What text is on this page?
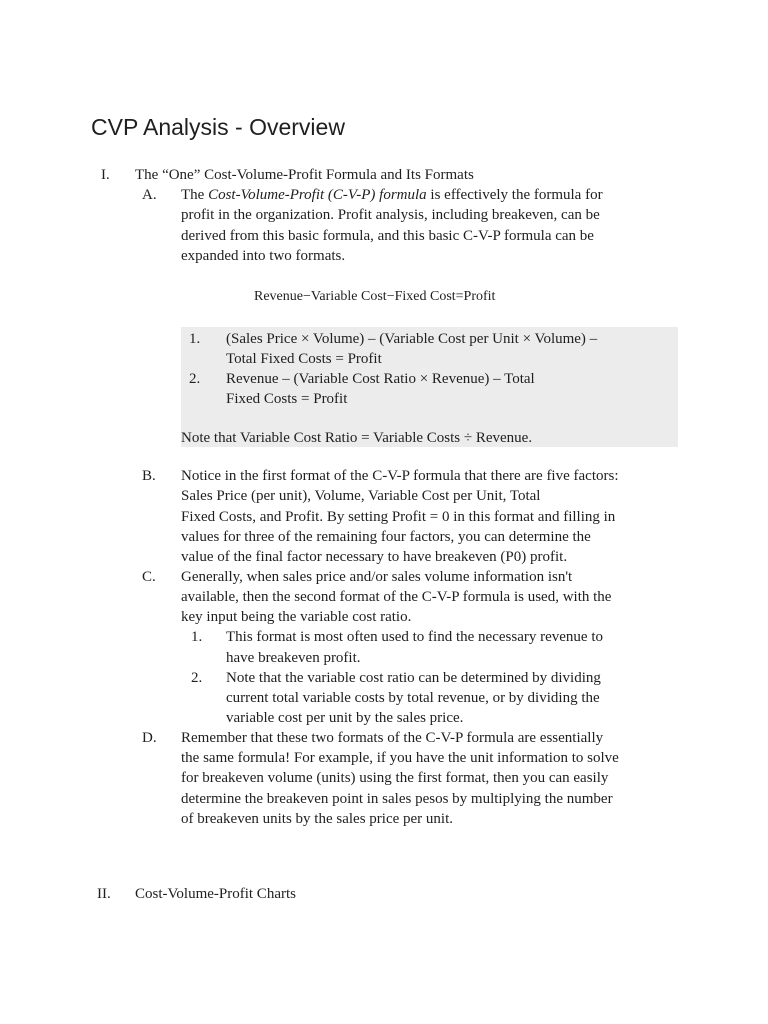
CVP Analysis - Overview
I. The “One” Cost-Volume-Profit Formula and Its Formats
A. The Cost-Volume-Profit (C-V-P) formula is effectively the formula for
profit in the organization. Profit analysis, including breakeven, can be
derived from this basic formula, and this basic C-V-P formula can be
expanded into two formats.
Revenue−Variable Cost−Fixed Cost=Profit
1. (Sales Price × Volume) – (Variable Cost per Unit × Volume) –
Total Fixed Costs = Profit
2. Revenue – (Variable Cost Ratio × Revenue) – Total
Fixed Costs = Profit
Note that Variable Cost Ratio = Variable Costs ÷ Revenue.
B. Notice in the first format of the C-V-P formula that there are five factors:
Sales Price (per unit), Volume, Variable Cost per Unit, Total
Fixed Costs, and Profit. By setting Profit = 0 in this format and filling in
values for three of the remaining four factors, you can determine the
value of the final factor necessary to have breakeven (P0) profit.
C. Generally, when sales price and/or sales volume information isn't
available, then the second format of the C-V-P formula is used, with the
key input being the variable cost ratio.
1. This format is most often used to find the necessary revenue to
have breakeven profit.
2. Note that the variable cost ratio can be determined by dividing
current total variable costs by total revenue, or by dividing the
variable cost per unit by the sales price.
D. Remember that these two formats of the C-V-P formula are essentially
the same formula! For example, if you have the unit information to solve
for breakeven volume (units) using the first format, then you can easily
determine the breakeven point in sales pesos by multiplying the number
of breakeven units by the sales price per unit.
II. Cost-Volume-Profit Charts
